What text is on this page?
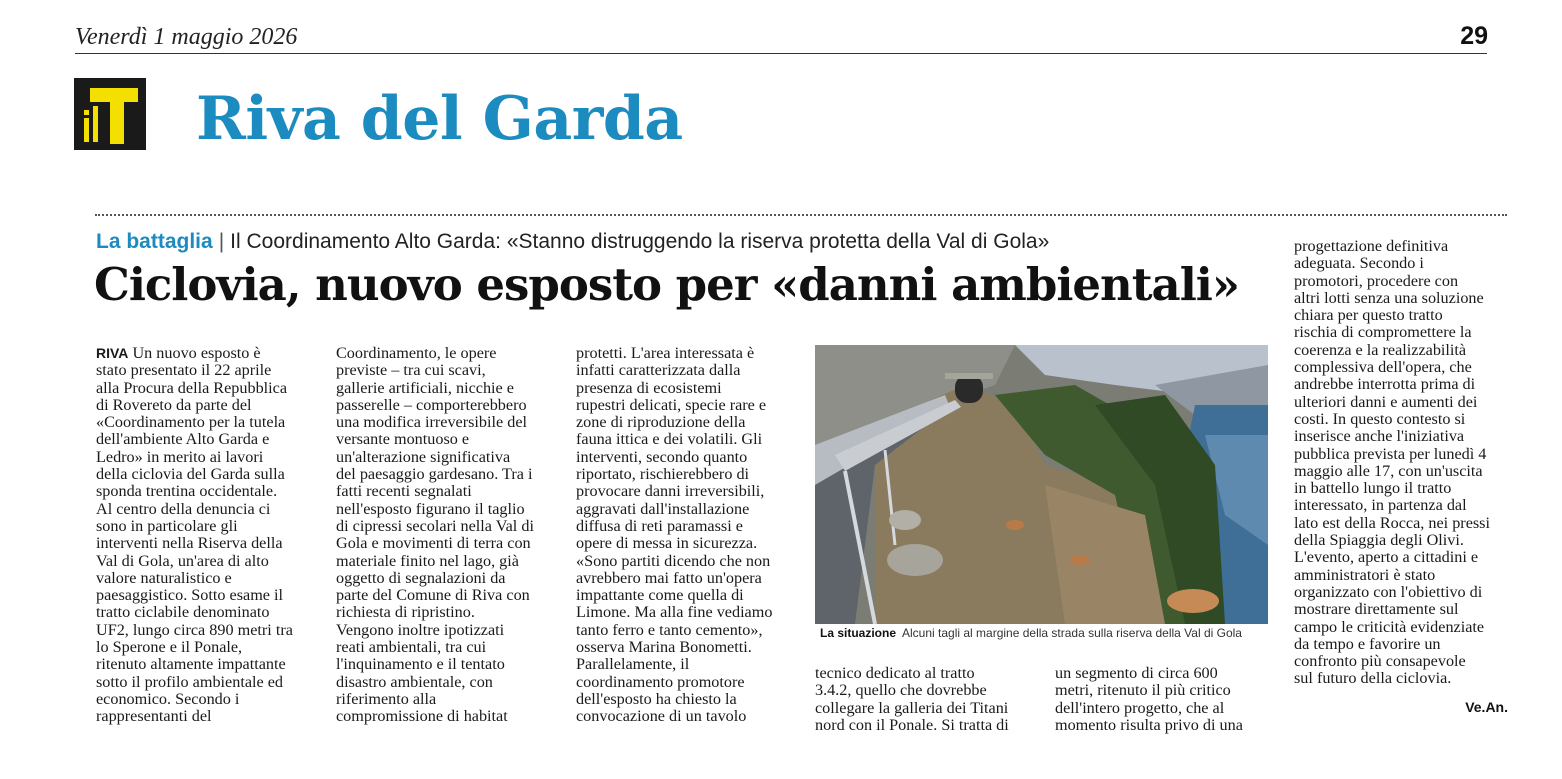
Venerdì 1 maggio 2026	29
Riva del Garda
La battaglia | Il Coordinamento Alto Garda: «Stanno distruggendo la riserva protetta della Val di Gola»
Ciclovia, nuovo esposto per «danni ambientali»

RIVA Un nuovo esposto è

stato presentato il 22 aprile

alla Procura della Repubblica

di Rovereto da parte del

«Coordinamento per la tutela

dell'ambiente Alto Garda e

Ledro» in merito ai lavori

della ciclovia del Garda sulla

sponda trentina occidentale.

Al centro della denuncia ci

sono in particolare gli

interventi nella Riserva della

Val di Gola, un'area di alto

valore naturalistico e

paesaggistico. Sotto esame il

tratto ciclabile denominato

UF2, lungo circa 890 metri tra

lo Sperone e il Ponale,

ritenuto altamente impattante

sotto il profilo ambientale ed

economico. Secondo i

rappresentanti del

Coordinamento, le opere

previste – tra cui scavi,

gallerie artificiali, nicchie e

passerelle – comporterebbero

una modifica irreversibile del

versante montuoso e

un'alterazione significativa

del paesaggio gardesano. Tra i

fatti recenti segnalati

nell'esposto figurano il taglio

di cipressi secolari nella Val di

Gola e movimenti di terra con

materiale finito nel lago, già

oggetto di segnalazioni da

parte del Comune di Riva con

richiesta di ripristino.

Vengono inoltre ipotizzati

reati ambientali, tra cui

l'inquinamento e il tentato

disastro ambientale, con

riferimento alla

compromissione di habitat

protetti. L'area interessata è

infatti caratterizzata dalla

presenza di ecosistemi

rupestri delicati, specie rare e

zone di riproduzione della

fauna ittica e dei volatili. Gli

interventi, secondo quanto

riportato, rischierebbero di

provocare danni irreversibili,

aggravati dall'installazione

diffusa di reti paramassi e

opere di messa in sicurezza.

«Sono partiti dicendo che non

avrebbero mai fatto un'opera

impattante come quella di

Limone. Ma alla fine vediamo

tanto ferro e tanto cemento»,

osserva Marina Bonometti.

Parallelamente, il

coordinamento promotore

dell'esposto ha chiesto la

convocazione di un tavolo

La situazione Alcuni tagli al margine della strada sulla riserva della Val di Gola

tecnico dedicato al tratto

3.4.2, quello che dovrebbe

collegare la galleria dei Titani

nord con il Ponale. Si tratta di

un segmento di circa 600

metri, ritenuto il più critico

dell'intero progetto, che al

momento risulta privo di una

progettazione definitiva

adeguata. Secondo i

promotori, procedere con

altri lotti senza una soluzione

chiara per questo tratto

rischia di compromettere la

coerenza e la realizzabilità

complessiva dell'opera, che

andrebbe interrotta prima di

ulteriori danni e aumenti dei

costi. In questo contesto si

inserisce anche l'iniziativa

pubblica prevista per lunedì 4

maggio alle 17, con un'uscita

in battello lungo il tratto

interessato, in partenza dal

lato est della Rocca, nei pressi

della Spiaggia degli Olivi.

L'evento, aperto a cittadini e

amministratori è stato

organizzato con l'obiettivo di

mostrare direttamente sul

campo le criticità evidenziate

da tempo e favorire un

confronto più consapevole

sul futuro della ciclovia.

Ve.An.
